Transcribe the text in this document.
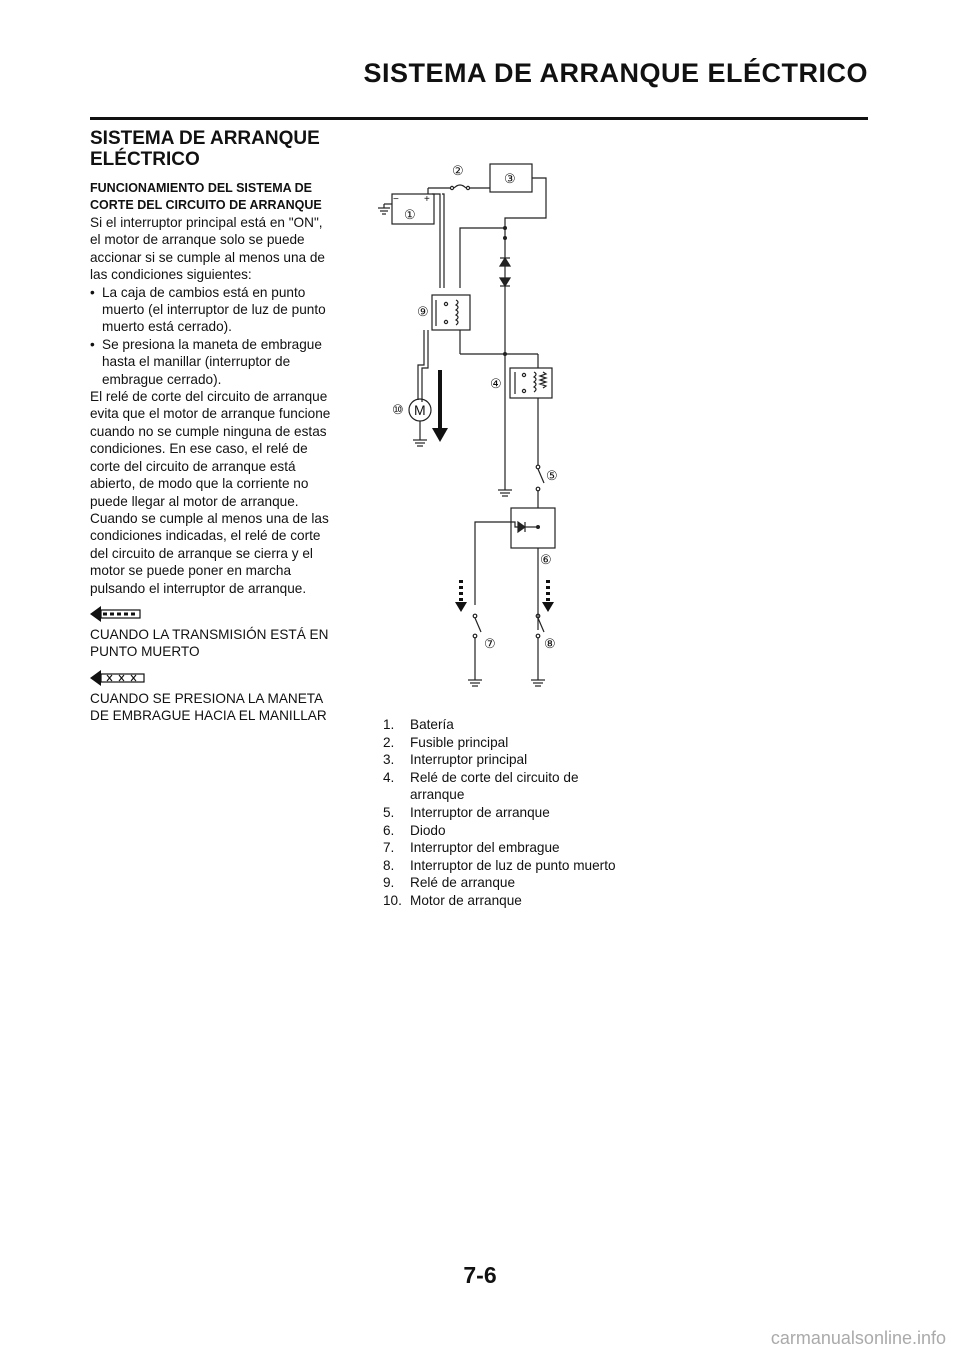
SISTEMA DE ARRANQUE ELÉCTRICO
SISTEMA DE ARRANQUE ELÉCTRICO

FUNCIONAMIENTO DEL SISTEMA DE CORTE DEL CIRCUITO DE ARRANQUE

Si el interruptor principal está en "ON", el motor de arranque solo se puede accionar si se cumple al menos una de las condiciones siguientes:

• La caja de cambios está en punto muerto (el interruptor de luz de punto muerto está cerrado).
• Se presiona la maneta de embrague hasta el manillar (interruptor de embrague cerrado).

El relé de corte del circuito de arranque evita que el motor de arranque funcione cuando no se cumple ninguna de estas condiciones. En ese caso, el relé de corte del circuito de arranque está abierto, de modo que la corriente no puede llegar al motor de arranque. Cuando se cumple al menos una de las condiciones indicadas, el relé de corte del circuito de arranque se cierra y el motor se puede poner en marcha pulsando el interruptor de arranque.

CUANDO LA TRANSMISIÓN ESTÁ EN PUNTO MUERTO

CUANDO SE PRESIONA LA MANETA DE EMBRAGUE HACIA EL MANILLAR

−	+
M
①
②
③
④
⑤
⑥
⑦	⑧
⑨
⑩
1.	Batería
2.	Fusible principal
3.	Interruptor principal
4.	Relé de corte del circuito de arranque
5.	Interruptor de arranque
6.	Diodo
7.	Interruptor del embrague
8.	Interruptor de luz de punto muerto
9.	Relé de arranque
10. Motor de arranque
7-6
carmanualsonline.info
